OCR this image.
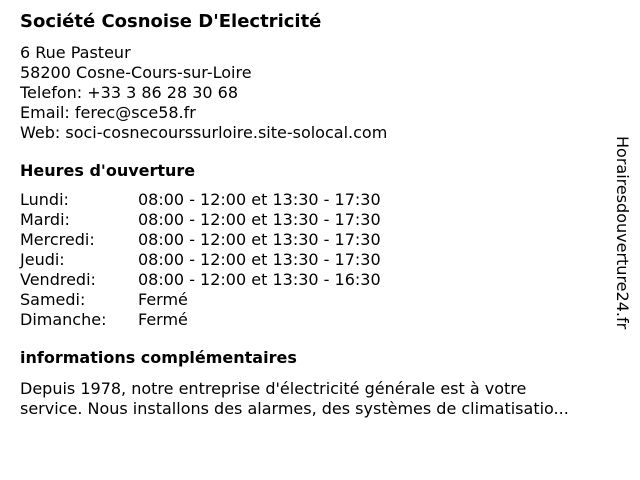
Société Cosnoise D'Electricité
6 Rue Pasteur
58200 Cosne-Cours-sur-Loire
Telefon: +33 3 86 28 30 68
Email: ferec@sce58.fr
Web: soci-cosnecourssurloire.site-solocal.com
Heures d'ouverture
Lundi:	08:00 - 12:00 et 13:30 - 17:30
Mardi:	08:00 - 12:00 et 13:30 - 17:30
Mercredi:	08:00 - 12:00 et 13:30 - 17:30
Jeudi:	08:00 - 12:00 et 13:30 - 17:30
Vendredi:	08:00 - 12:00 et 13:30 - 16:30
Samedi:	Fermé
Dimanche:	Fermé
informations complémentaires
Depuis 1978, notre entreprise d'électricité générale est à votre
service. Nous installons des alarmes, des systèmes de climatisatio...
Horairesdouverture24.fr
